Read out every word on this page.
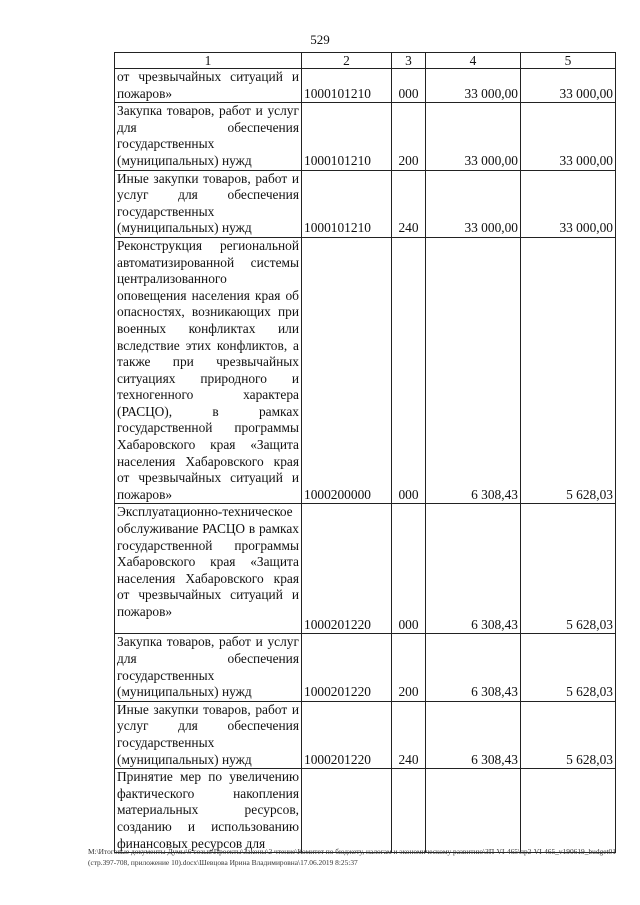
529
1	2	3	4	5
от чрезвычайных ситуаций и пожаров»	1000101210	000	33 000,00	33 000,00
Закупка товаров, работ и услуг для обеспечения государственных (муниципальных) нужд	1000101210	200	33 000,00	33 000,00
Иные закупки товаров, работ и услуг для обеспечения государственных (муниципальных) нужд	1000101210	240	33 000,00	33 000,00
Реконструкция региональной автоматизированной системы централизованного оповещения населения края об опасностях, возникающих при военных конфликтах или вследствие этих конфликтов, а также при чрезвычайных ситуациях природного и техногенного характера (РАСЦО), в рамках государственной программы Хабаровского края «Защита населения Хабаровского края от чрезвычайных ситуаций и пожаров»	1000200000	000	6 308,43	5 628,03
Эксплуатационно-техническое обслуживание РАСЦО в рамках государственной программы Хабаровского края «Защита населения Хабаровского края от чрезвычайных ситуаций и пожаров»	1000201220	000	6 308,43	5 628,03
Закупка товаров, работ и услуг для обеспечения государственных (муниципальных) нужд	1000201220	200	6 308,43	5 628,03
Иные закупки товаров, работ и услуг для обеспечения государственных (муниципальных) нужд	1000201220	240	6 308,43	5 628,03
Принятие мер по увеличению фактического накопления материальных ресурсов, созданию и использованию финансовых ресурсов для				
М:\Итоговые документы Думы\6 созыв\Проекты\Законы\2 чтение\Комитет по бюджету, налогам и экономическому развитию\ЗП-VI-465\пр2-VI-465_v190619_budget01 (стр.397-708, приложение 10).docx\Шевцова Ирина Владимировна\17.06.2019 8:25:37
